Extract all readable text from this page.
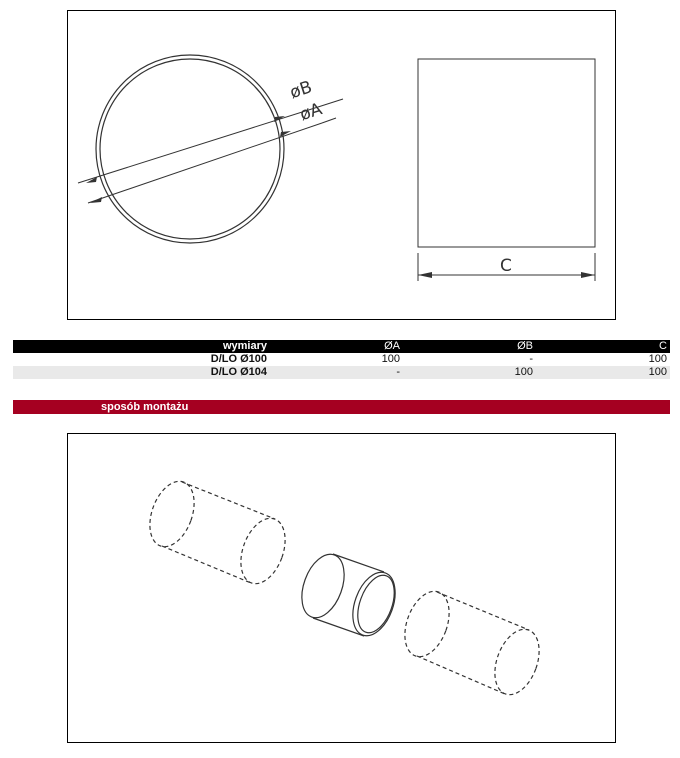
øB
øA
C
wymiary	ØA	ØB	C
D/LO Ø100	100	-	100
D/LO Ø104	-	100	100
sposób montażu
